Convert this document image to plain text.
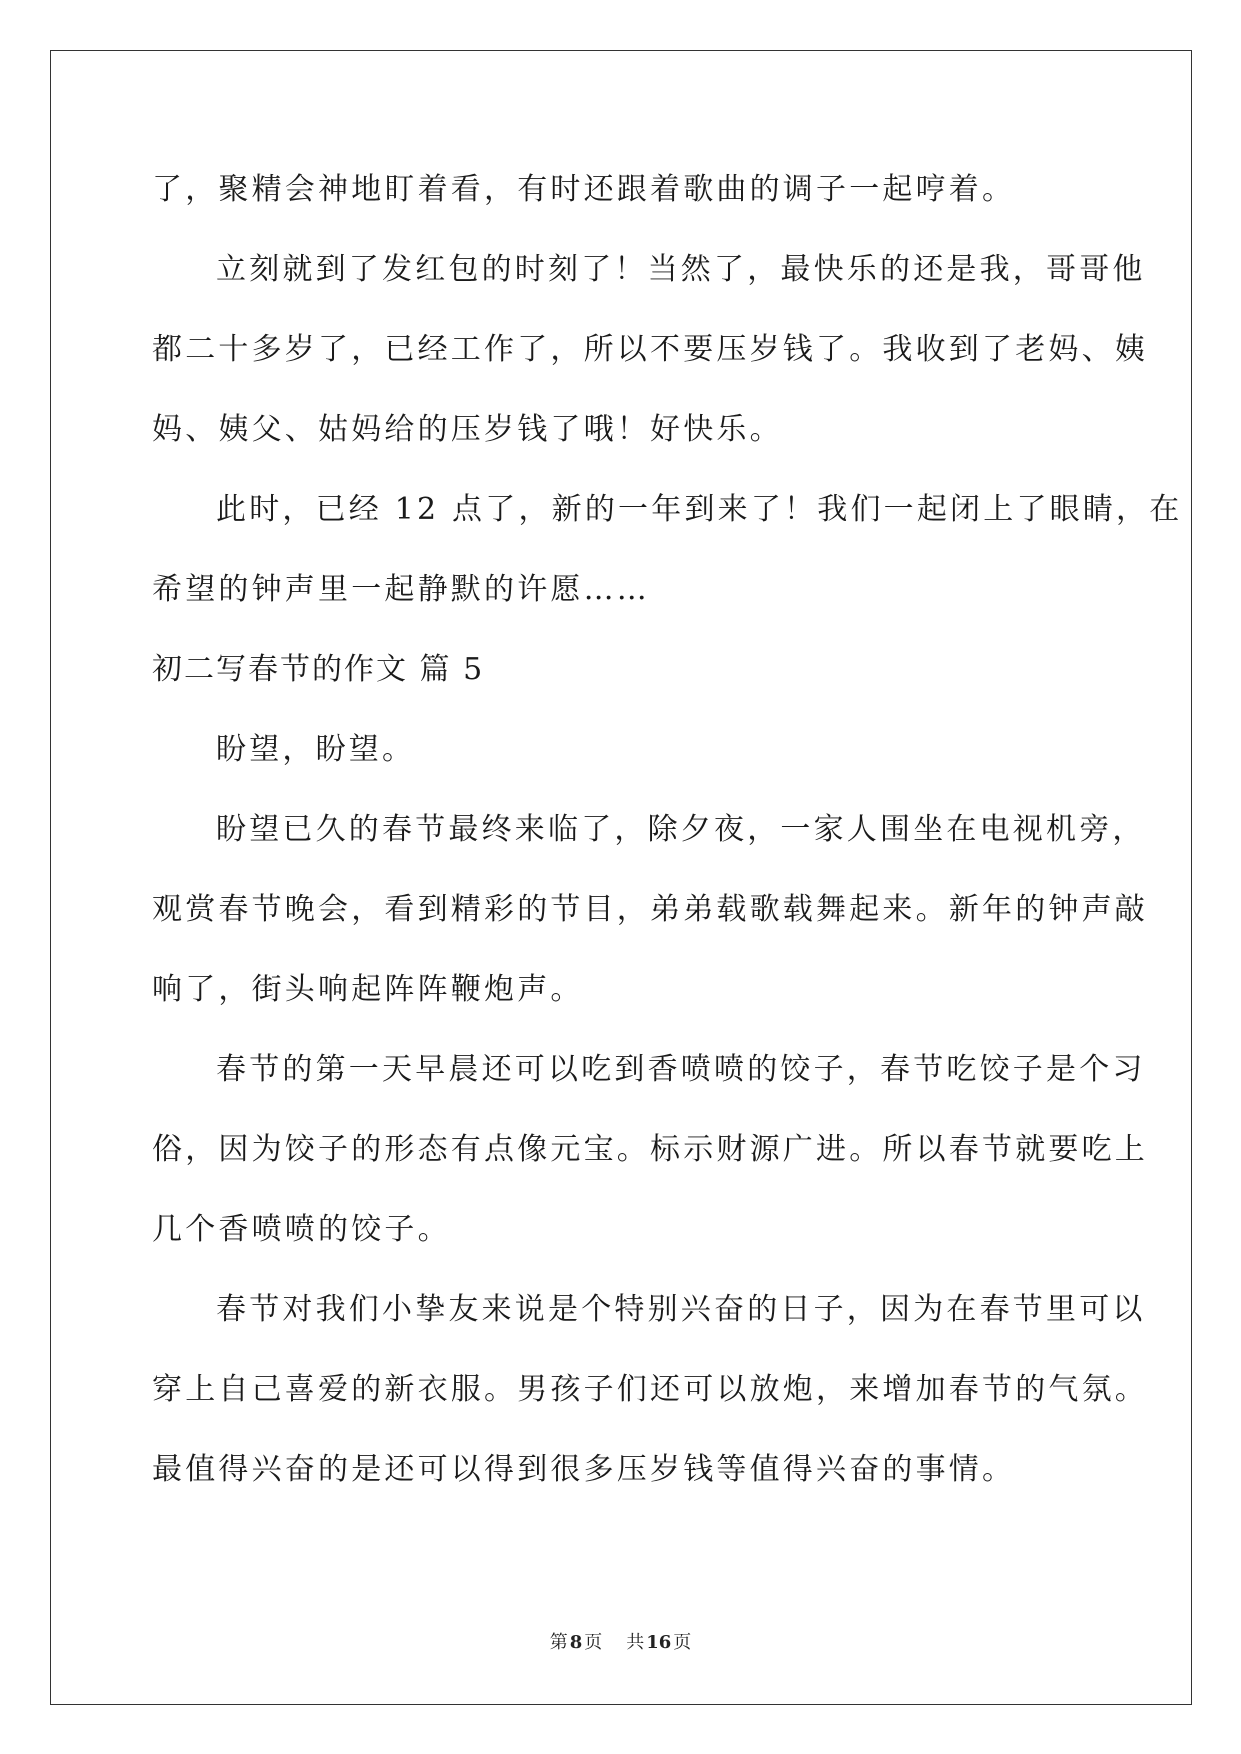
了，聚精会神地盯着看，有时还跟着歌曲的调子一起哼着。
立刻就到了发红包的时刻了！当然了，最快乐的还是我，哥哥他
都二十多岁了，已经工作了，所以不要压岁钱了。我收到了老妈、姨
妈、姨父、姑妈给的压岁钱了哦！好快乐。
此时，已经 12 点了，新的一年到来了！我们一起闭上了眼睛，在
希望的钟声里一起静默的许愿……
初二写春节的作文 篇 5
盼望，盼望。
盼望已久的春节最终来临了，除夕夜，一家人围坐在电视机旁，
观赏春节晚会，看到精彩的节目，弟弟载歌载舞起来。新年的钟声敲
响了，街头响起阵阵鞭炮声。
春节的第一天早晨还可以吃到香喷喷的饺子，春节吃饺子是个习
俗，因为饺子的形态有点像元宝。标示财源广进。所以春节就要吃上
几个香喷喷的饺子。
春节对我们小挚友来说是个特别兴奋的日子，因为在春节里可以
穿上自己喜爱的新衣服。男孩子们还可以放炮，来增加春节的气氛。
最值得兴奋的是还可以得到很多压岁钱等值得兴奋的事情。
第 8 页 共 16 页
